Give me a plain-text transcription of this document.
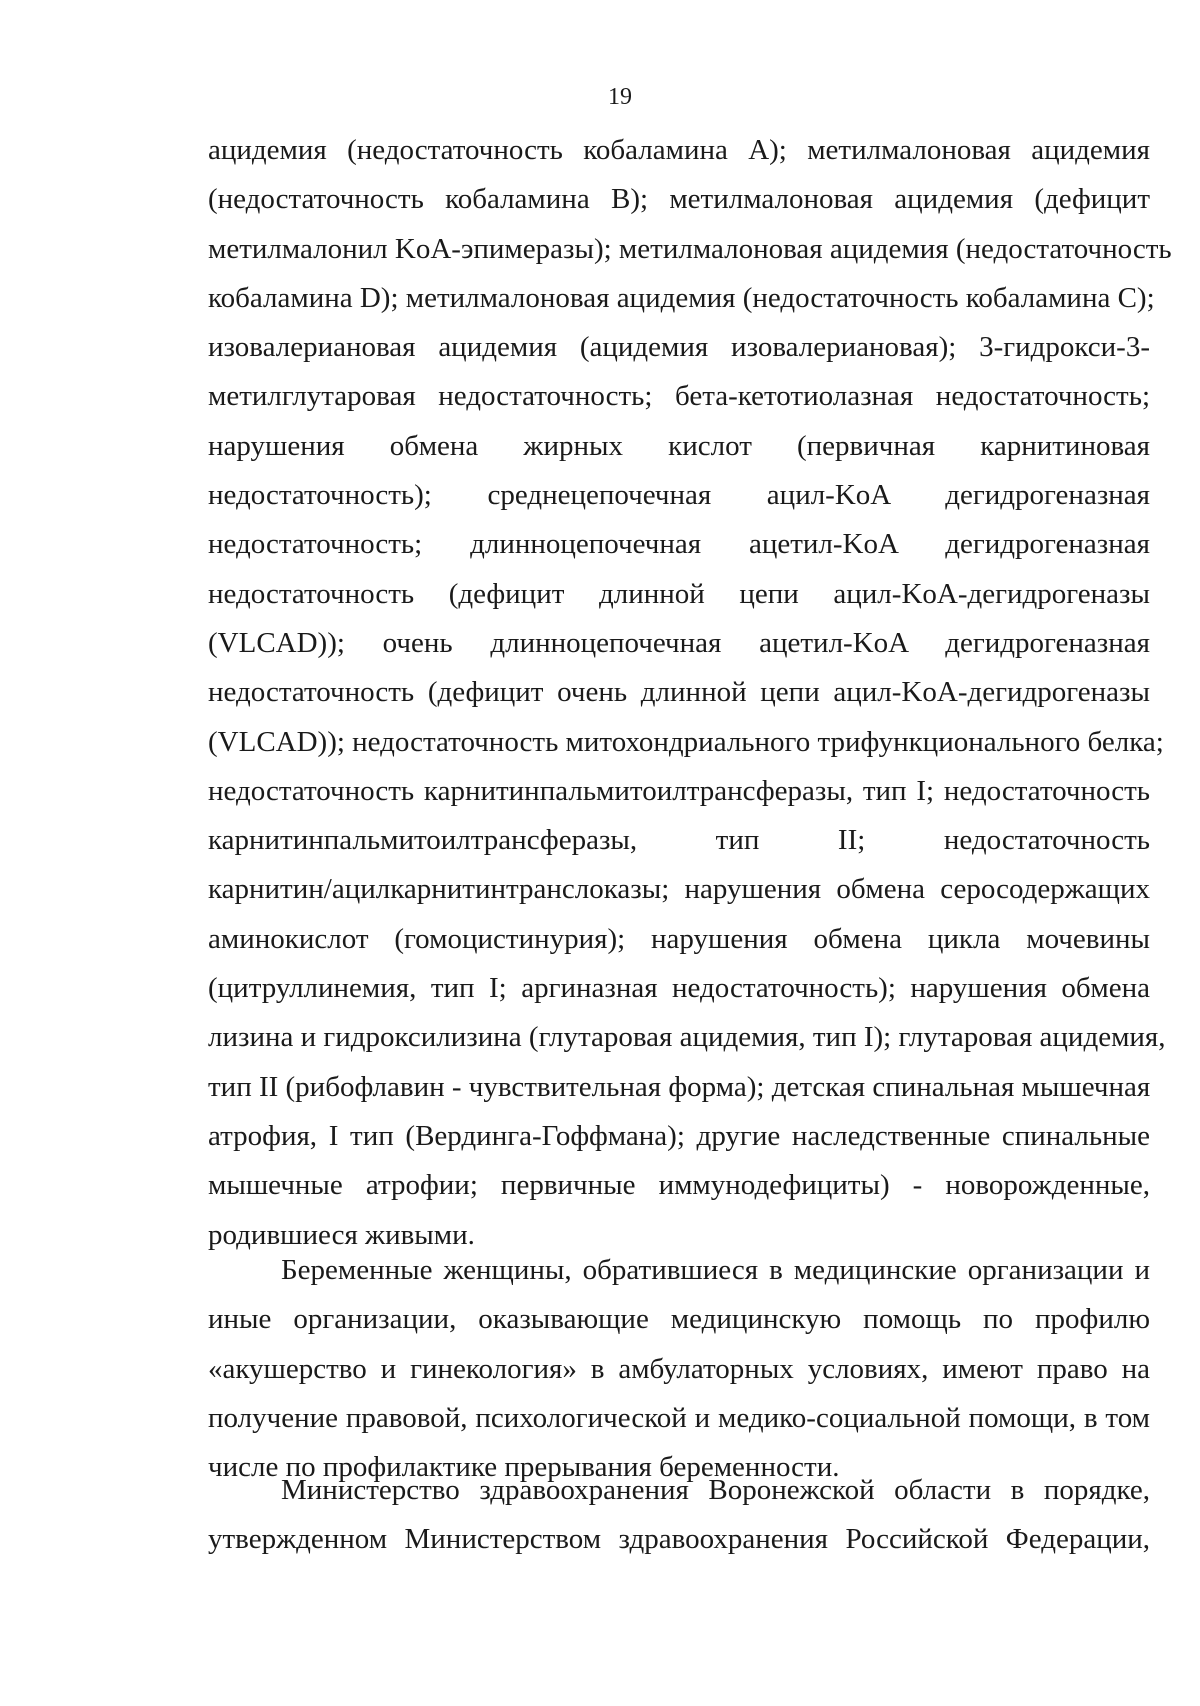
19
ацидемия (недостаточность кобаламина A); метилмалоновая ацидемия
(недостаточность кобаламина B); метилмалоновая ацидемия (дефицит
метилмалонил KoA-эпимеразы); метилмалоновая ацидемия (недостаточность
кобаламина D); метилмалоновая ацидемия (недостаточность кобаламина C);
изовалериановая ацидемия (ацидемия изовалериановая); 3-гидрокси-3-
метилглутаровая недостаточность; бета-кетотиолазная недостаточность;
нарушения обмена жирных кислот (первичная карнитиновая
недостаточность); среднецепочечная ацил-KoA дегидрогеназная
недостаточность; длинноцепочечная ацетил-KoA дегидрогеназная
недостаточность (дефицит длинной цепи ацил-KoA-дегидрогеназы
(VLCAD)); очень длинноцепочечная ацетил-KoA дегидрогеназная
недостаточность (дефицит очень длинной цепи ацил-KoA-дегидрогеназы
(VLCAD)); недостаточность митохондриального трифункционального белка;
недостаточность карнитинпальмитоилтрансферазы, тип I; недостаточность
карнитинпальмитоилтрансферазы, тип II; недостаточность
карнитин/ацилкарнитинтранслоказы; нарушения обмена серосодержащих
аминокислот (гомоцистинурия); нарушения обмена цикла мочевины
(цитруллинемия, тип I; аргиназная недостаточность); нарушения обмена
лизина и гидроксилизина (глутаровая ацидемия, тип I); глутаровая ацидемия,
тип II (рибофлавин - чувствительная форма); детская спинальная мышечная
атрофия, I тип (Вердинга-Гоффмана); другие наследственные спинальные
мышечные атрофии; первичные иммунодефициты) - новорожденные,
родившиеся живыми.
Беременные женщины, обратившиеся в медицинские организации и
иные организации, оказывающие медицинскую помощь по профилю
«акушерство и гинекология» в амбулаторных условиях, имеют право на
получение правовой, психологической и медико-социальной помощи, в том
числе по профилактике прерывания беременности.
Министерство здравоохранения Воронежской области в порядке,
утвержденном Министерством здравоохранения Российской Федерации,
